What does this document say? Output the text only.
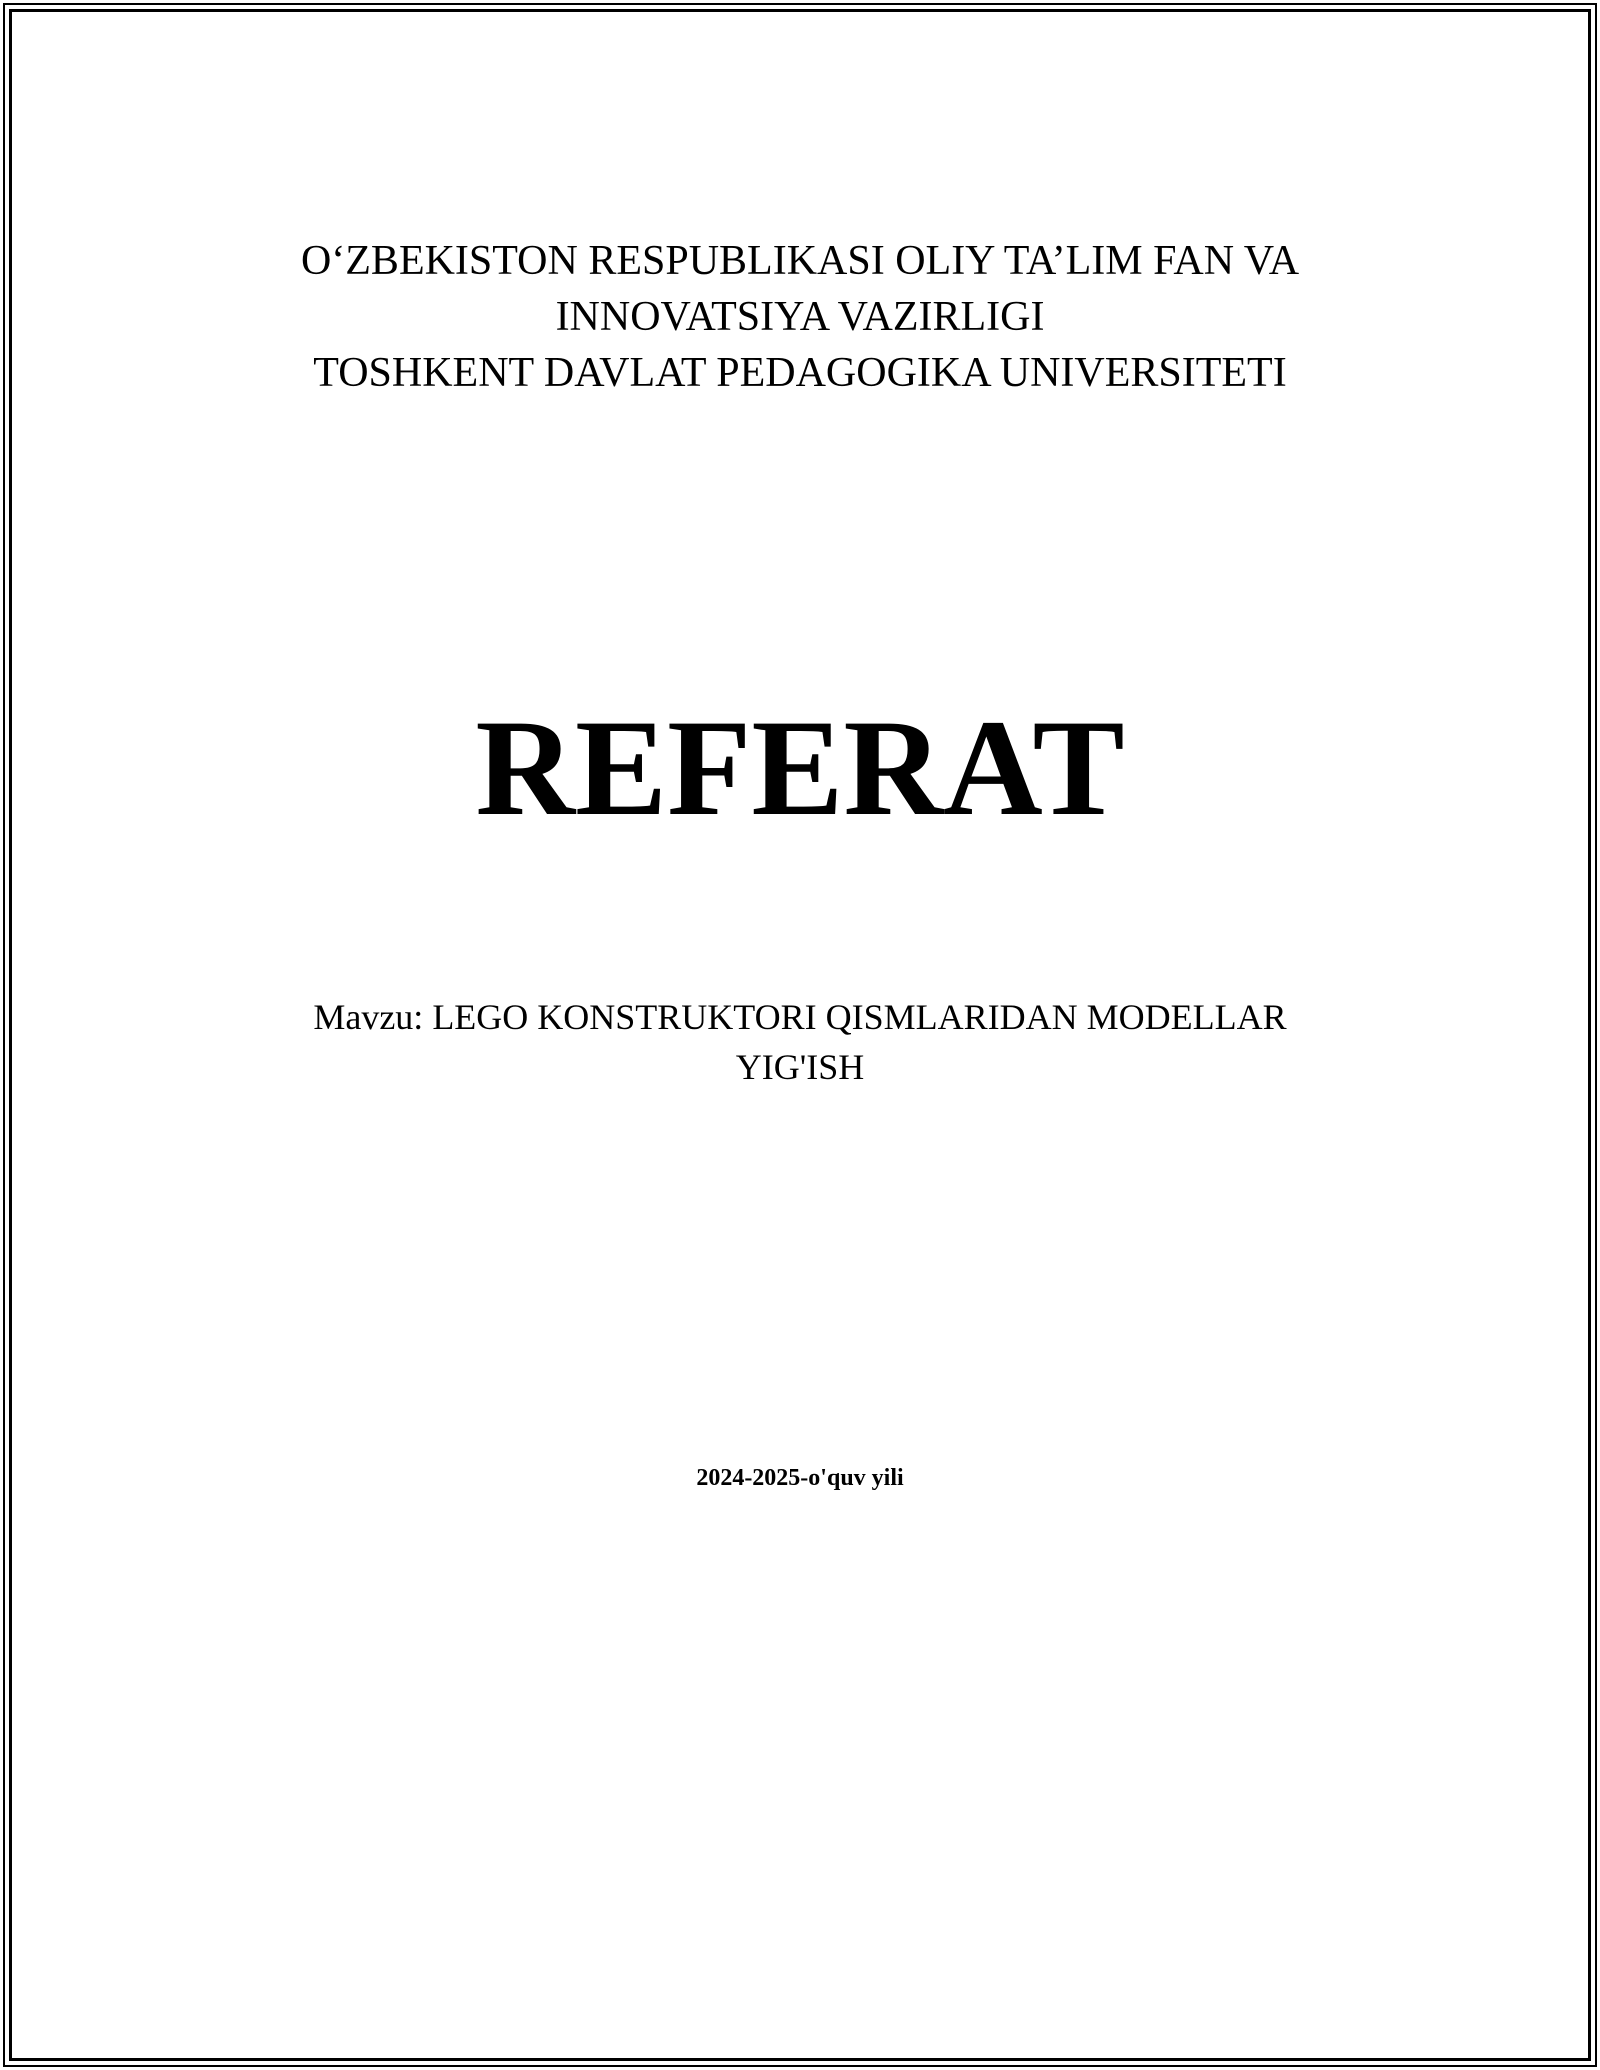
O‘ZBEKISTON RESPUBLIKASI OLIY TA’LIM FAN VA
INNOVATSIYA VAZIRLIGI
TOSHKENT DAVLAT PEDAGOGIKA UNIVERSITETI
REFERAT
Mavzu: LEGO KONSTRUKTORI QISMLARIDAN MODELLAR
YIG'ISH
2024-2025-o'quv yili
